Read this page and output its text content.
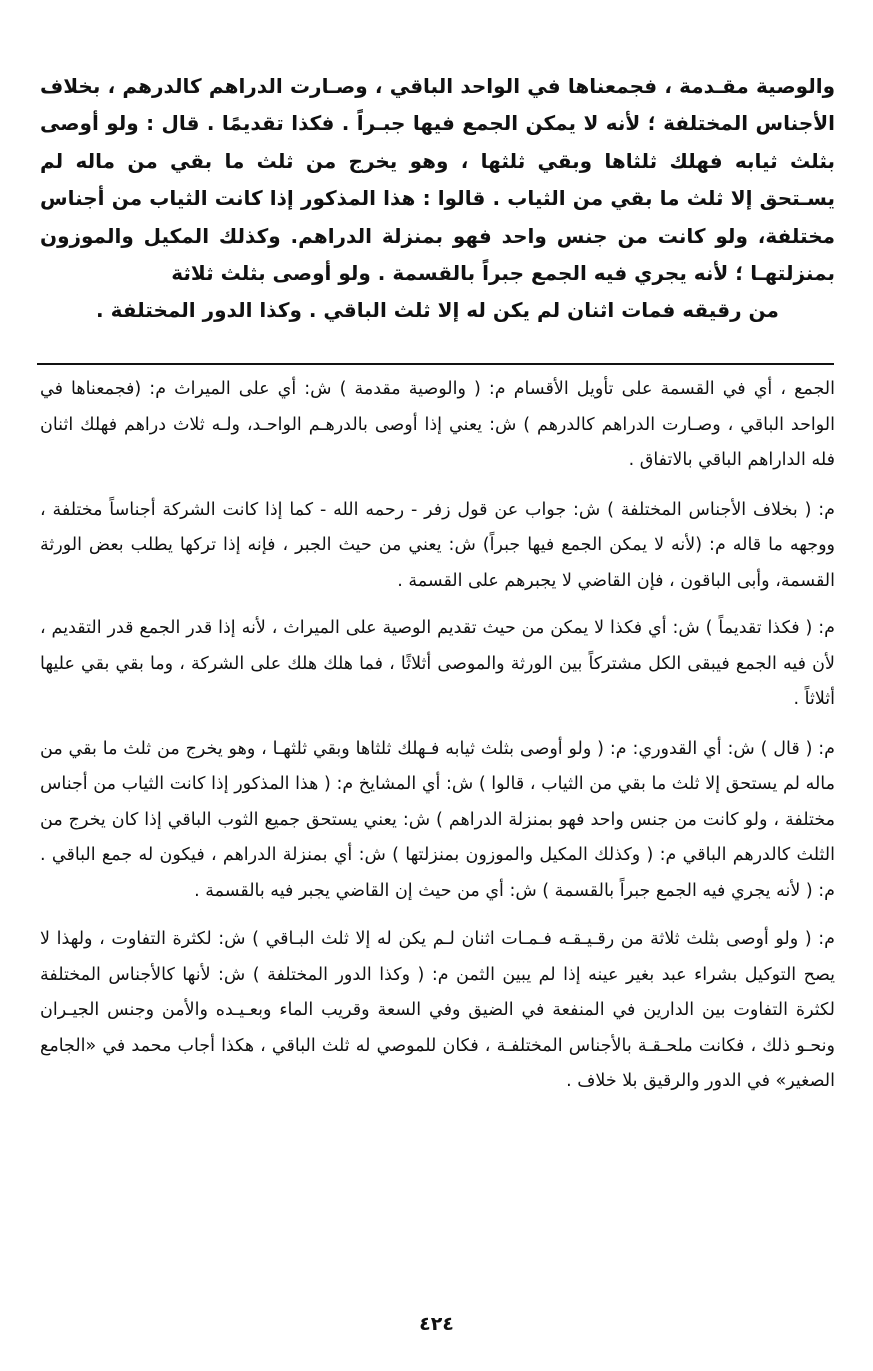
والوصية مقـدمة ، فجمعناها في الواحد الباقي ، وصـارت الدراهم كالدرهم ، بخلاف الأجناس المختلفة ؛ لأنه لا يمكن الجمع فيها جبـراً . فكذا تقديمًا . قال : ولو أوصى بثلث ثيابه فهلك ثلثاها وبقي ثلثها ، وهو يخرج من ثلث ما بقي من ماله لم يسـتحق إلا ثلث ما بقي من الثياب . قالوا : هذا المذكور إذا كانت الثياب من أجناس مختلفة، ولو كانت من جنس واحد فهو بمنزلة الدراهم. وكذلك المكيل والموزون بمنزلتهـا ؛ لأنه يجري فيه الجمع جبراً بالقسمة . ولو أوصى بثلث ثلاثة

من رقيقه فمات اثنان لم يكن له إلا ثلث الباقي . وكذا الدور المختلفة .

الجمع ، أي في القسمة على تأويل الأقسام م: ( والوصية مقدمة ) ش: أي على الميراث م: (فجمعناها في الواحد الباقي ، وصـارت الدراهم كالدرهم ) ش: يعني إذا أوصى بالدرهـم الواحـد، ولـه ثلاث دراهم فهلك اثنان فله الداراهم الباقي بالاتفاق .

م: ( بخلاف الأجناس المختلفة ) ش: جواب عن قول زفر - رحمه الله - كما إذا كانت الشركة أجناساً مختلفة ، ووجهه ما قاله م: (لأنه لا يمكن الجمع فيها جبراً) ش: يعني من حيث الجبر ، فإنه إذا تركها يطلب بعض الورثة القسمة، وأبى الباقون ، فإن القاضي لا يجبرهم على القسمة .

م: ( فكذا تقديماً ) ش: أي فكذا لا يمكن من حيث تقديم الوصية على الميراث ، لأنه إذا قدر الجمع قدر التقديم ، لأن فيه الجمع فيبقى الكل مشتركاً بين الورثة والموصى أثلاثًا ، فما هلك هلك على الشركة ، وما بقي بقي عليها أثلاثاً .

م: ( قال ) ش: أي القدوري: م: ( ولو أوصى بثلث ثيابه فـهلك ثلثاها وبقي ثلثهـا ، وهو يخرج من ثلث ما بقي من ماله لم يستحق إلا ثلث ما بقي من الثياب ، قالوا ) ش: أي المشايخ م: ( هذا المذكور إذا كانت الثياب من أجناس مختلفة ، ولو كانت من جنس واحد فهو بمنزلة الدراهم ) ش: يعني يستحق جميع الثوب الباقي إذا كان يخرج من الثلث كالدرهم الباقي م: ( وكذلك المكيل والموزون بمنزلتها ) ش: أي بمنزلة الدراهم ، فيكون له جمع الباقي . م: ( لأنه يجري فيه الجمع جبراً بالقسمة ) ش: أي من حيث إن القاضي يجبر فيه بالقسمة .

م: ( ولو أوصى بثلث ثلاثة من رقـيـقـه فـمـات اثنان لـم يكن له إلا ثلث البـاقي ) ش: لكثرة التفاوت ، ولهذا لا يصح التوكيل بشراء عبد بغير عينه إذا لم يبين الثمن م: ( وكذا الدور المختلفة ) ش: لأنها كالأجناس المختلفة لكثرة التفاوت بين الدارين في المنفعة في الضيق وفي السعة وقريب الماء وبعـيـده والأمن وجنس الجيـران ونحـو ذلك ، فكانت ملحـقـة بالأجناس المختلفـة ، فكان للموصي له ثلث الباقي ، هكذا أجاب محمد في «الجامع الصغير» في الدور والرقيق بلا خلاف .

٤٢٤
